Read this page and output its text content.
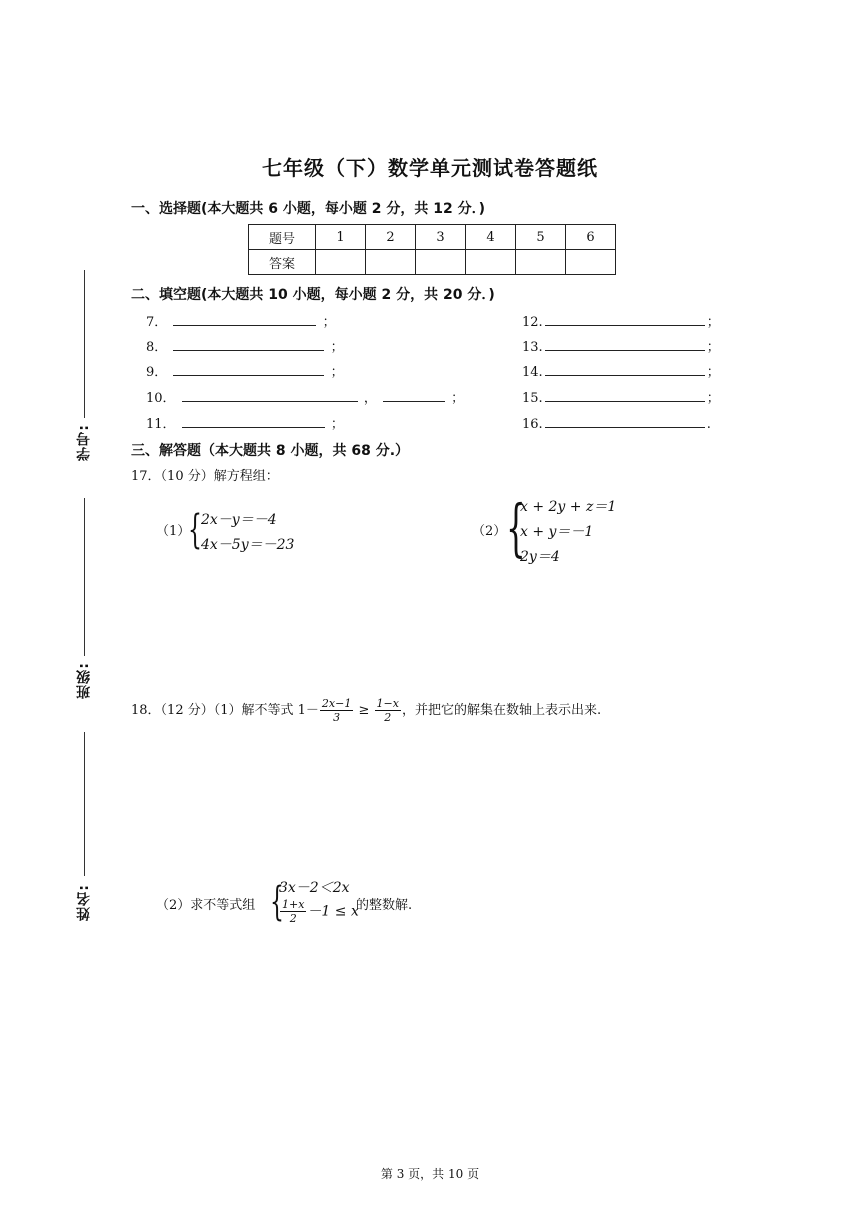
七年级（下）数学单元测试卷答题纸
一、选择题(本大题共 6 小题，每小题 2 分，共 12 分．)
题号	1	2	3	4	5	6
答案						
二、填空题(本大题共 10 小题，每小题 2 分，共 20 分．)
7．	；
8．	；
9．	；
10．	，	；
11．	；
12.	；
13.	；
14.	；
15.	；
16.	.
三、解答题（本大题共 8 小题，共 68 分.）
17．（10 分）解方程组：
（1）
{ 2x－y＝－4
4x－5y＝－23
（2） {
x + 2y + z＝1
x + y＝－1
2y＝4
18．（12 分）（1）解不等式 $1- \frac{2x-1}{3} \ge \frac{1-x}{2}$ ，并把它的解集在数轴上表示出来.
（2）求不等式组 {
3x－2＜2x
$\frac{1+x}{2} -1 \le x$
的整数解.
学号:
班级:
姓名:
第 3 页，共 10 页
